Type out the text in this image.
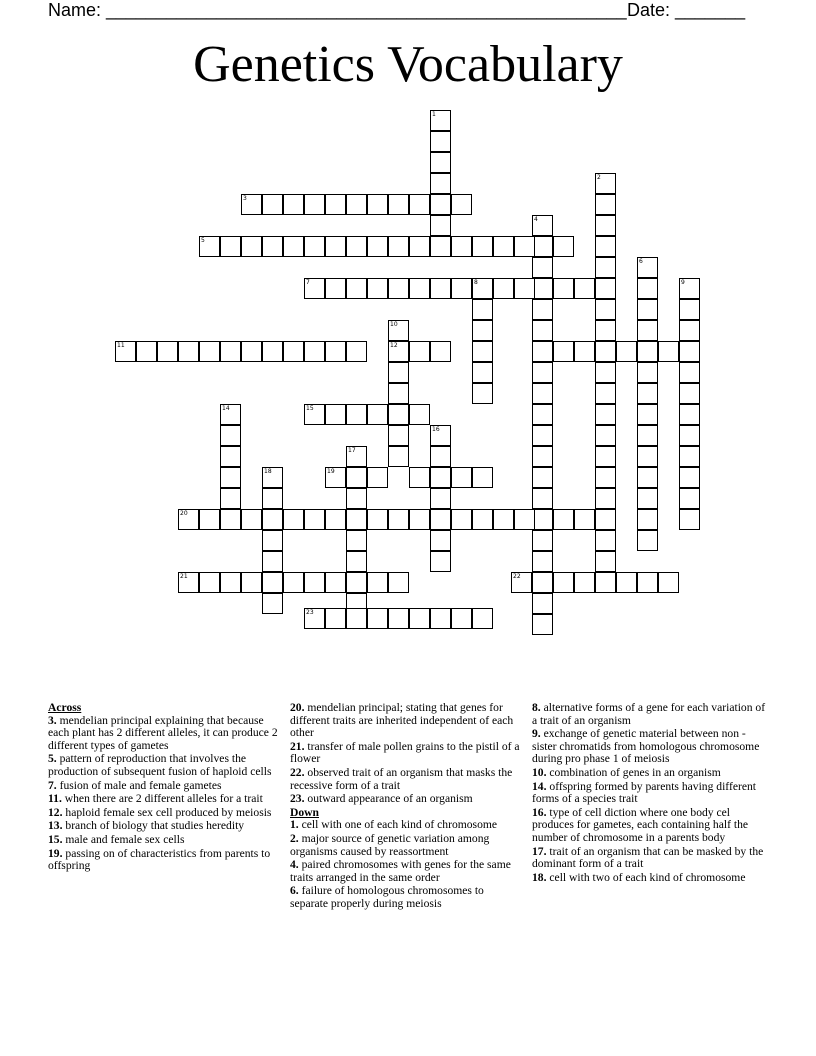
Name: ____________________________________________________ Date: _______
Genetics Vocabulary
1
3
2
4
5
6
7	8	9
10
12
11
14	15
16
17
18	19
20
21	22
23
Across
3. mendelian principal explaining that because each plant has 2 different alleles, it can produce 2 different types of gametes
5. pattern of reproduction that involves the production of subsequent fusion of haploid cells
7. fusion of male and female gametes
11. when there are 2 different alleles for a trait
12. haploid female sex cell produced by meiosis
13. branch of biology that studies heredity
15. male and female sex cells
19. passing on of characteristics from parents to offspring
20. mendelian principal; stating that genes for different traits are inherited independent of each other
21. transfer of male pollen grains to the pistil of a flower
22. observed trait of an organism that masks the recessive form of a trait
23. outward appearance of an organism
Down
1. cell with one of each kind of chromosome
2. major source of genetic variation among organisms caused by reassortment
4. paired chromosomes with genes for the same traits arranged in the same order
6. failure of homologous chromosomes to separate properly during meiosis
8. alternative forms of a gene for each variation of a trait of an organism
9. exchange of genetic material between non -sister chromatids from homologous chromosome during pro phase 1 of meiosis
10. combination of genes in an organism
14. offspring formed by parents having different forms of a species trait
16. type of cell diction where one body cel produces for gametes, each containing half the number of chromosome in a parents body
17. trait of an organism that can be masked by the dominant form of a trait
18. cell with two of each kind of chromosome
